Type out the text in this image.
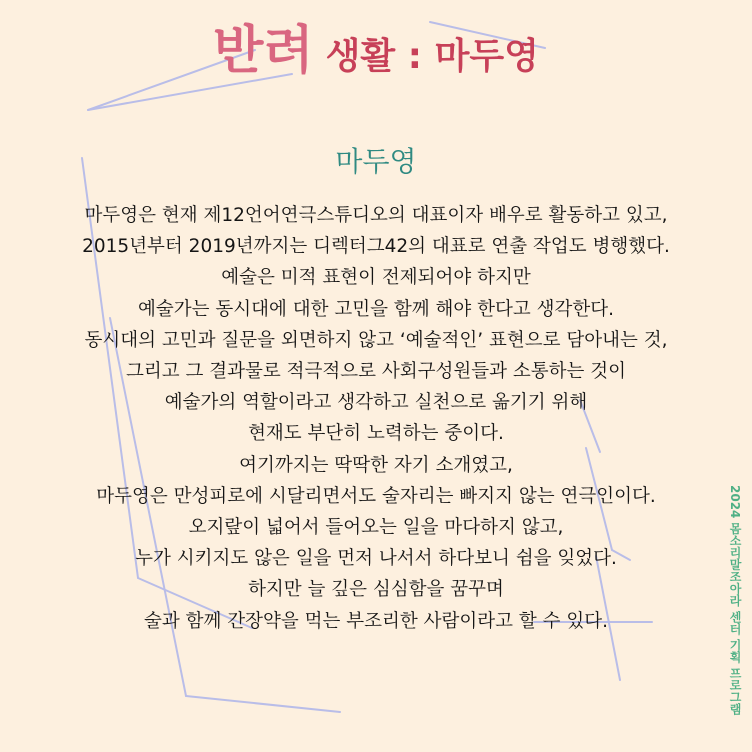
반려 생활 : 마두영
마두영
마두영은 현재 제12언어연극스튜디오의 대표이자 배우로 활동하고 있고,
2015년부터 2019년까지는 디렉터그42의 대표로 연출 작업도 병행했다.
예술은 미적 표현이 전제되어야 하지만
예술가는 동시대에 대한 고민을 함께 해야 한다고 생각한다.
동시대의 고민과 질문을 외면하지 않고 ‘예술적인’ 표현으로 담아내는 것,
그리고 그 결과물로 적극적으로 사회구성원들과 소통하는 것이
예술가의 역할이라고 생각하고 실천으로 옮기기 위해
현재도 부단히 노력하는 중이다.
여기까지는 딱딱한 자기 소개였고,
마두영은 만성피로에 시달리면서도 술자리는 빠지지 않는 연극인이다.
오지랖이 넓어서 들어오는 일을 마다하지 않고,
누가 시키지도 않은 일을 먼저 나서서 하다보니 쉼을 잊었다.
하지만 늘 깊은 심심함을 꿈꾸며
술과 함께 간장약을 먹는 부조리한 사람이라고 할 수 있다.	2024 몸소리말조아라 센터 기획 프로그램
